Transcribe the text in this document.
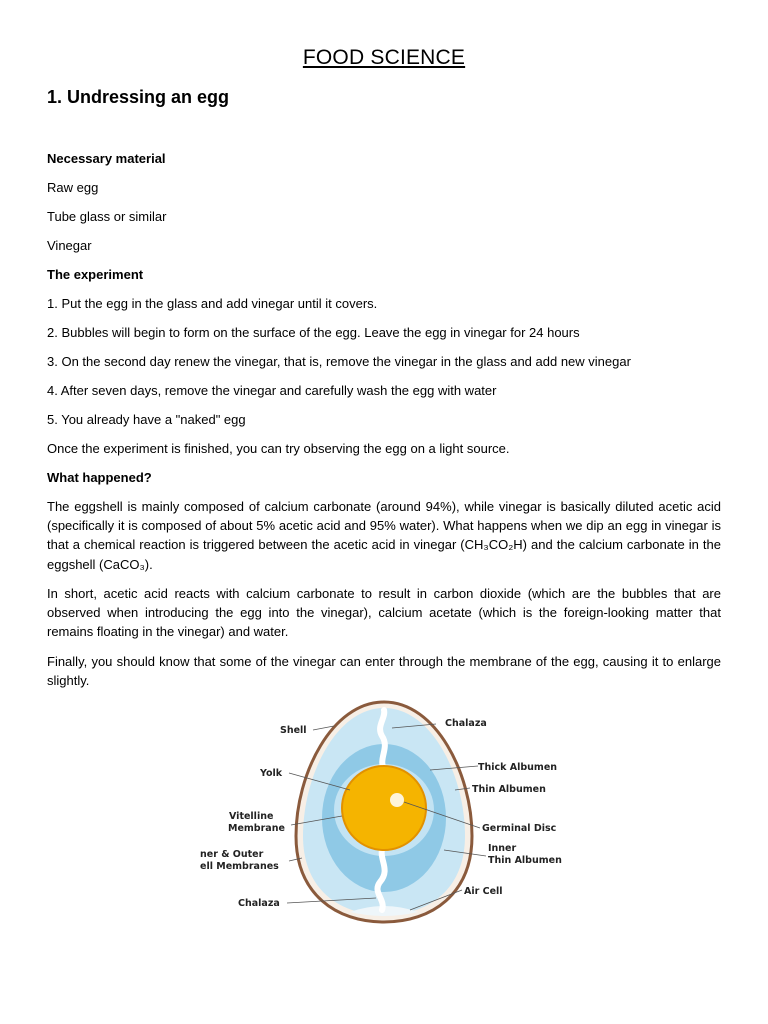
FOOD SCIENCE
1. Undressing an egg
Necessary material
Raw egg
Tube glass or similar
Vinegar
The experiment
1. Put the egg in the glass and add vinegar until it covers.
2. Bubbles will begin to form on the surface of the egg. Leave the egg in vinegar for 24 hours
3. On the second day renew the vinegar, that is, remove the vinegar in the glass and add new vinegar
4. After seven days, remove the vinegar and carefully wash the egg with water
5. You already have a "naked" egg
Once the experiment is finished, you can try observing the egg on a light source.
What happened?
The eggshell is mainly composed of calcium carbonate (around 94%), while vinegar is basically diluted acetic acid (specifically it is composed of about 5% acetic acid and 95% water). What happens when we dip an egg in vinegar is that a chemical reaction is triggered between the acetic acid in vinegar (CH₃CO₂H) and the calcium carbonate in the eggshell (CaCO₃).
In short, acetic acid reacts with calcium carbonate to result in carbon dioxide (which are the bubbles that are observed when introducing the egg into the vinegar), calcium acetate (which is the foreign-looking matter that remains floating in the vinegar) and water.
Finally, you should know that some of the vinegar can enter through the membrane of the egg, causing it to enlarge slightly.
Shell
Yolk
Vitelline
Membrane
ner & Outer
ell Membranes
Chalaza
Chalaza
Thick Albumen
Thin Albumen
Germinal Disc
Inner
Thin Albumen
Air Cell
